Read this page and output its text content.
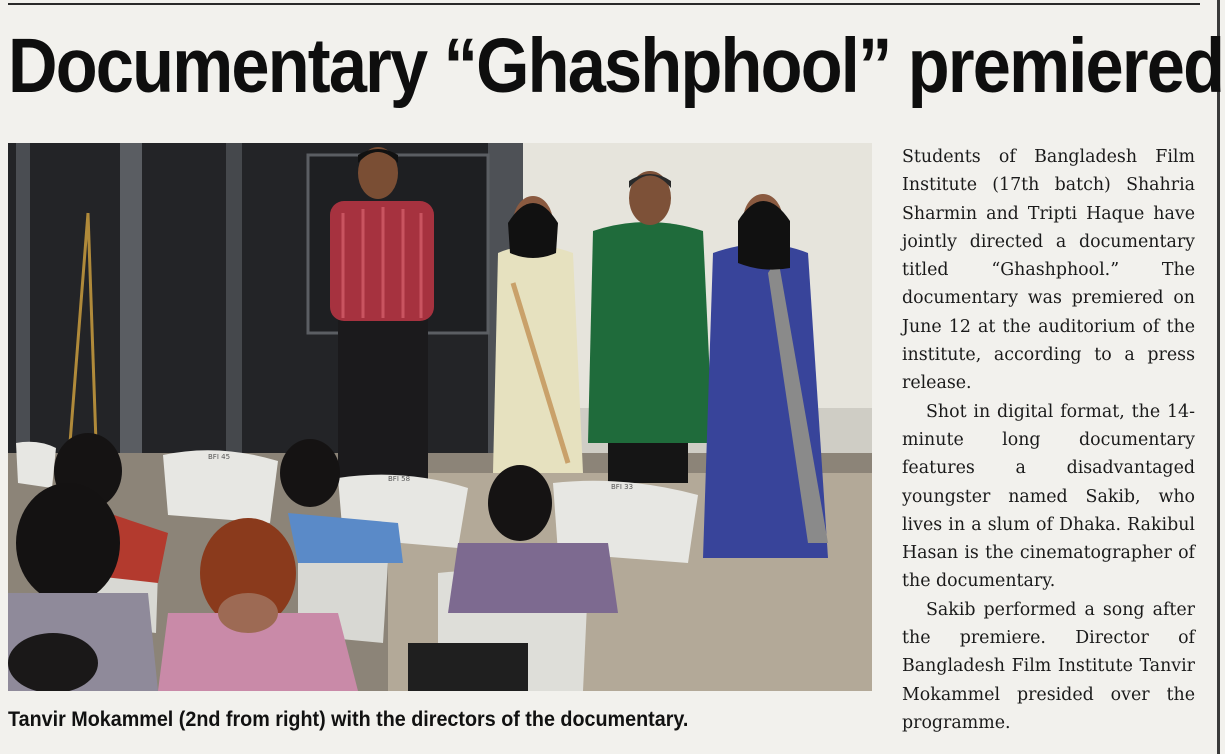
Documentary “Ghashphool” premiered
BFI 45
BFI 58
BFI 33

Tanvir Mokammel (2nd from right) with the directors of the documentary.

Students of Bangladesh Film Institute (17th batch) Shahria Sharmin and Tripti Haque have jointly directed a documentary titled “Ghashphool.” The documentary was premiered on June 12 at the auditorium of the institute, according to a press release.

Shot in digital format, the 14-minute long documentary features a disadvantaged youngster named Sakib, who lives in a slum of Dhaka. Rakibul Hasan is the cinematographer of the documentary.

Sakib performed a song after the premiere. Director of Bangladesh Film Institute Tanvir Mokammel presided over the programme.
